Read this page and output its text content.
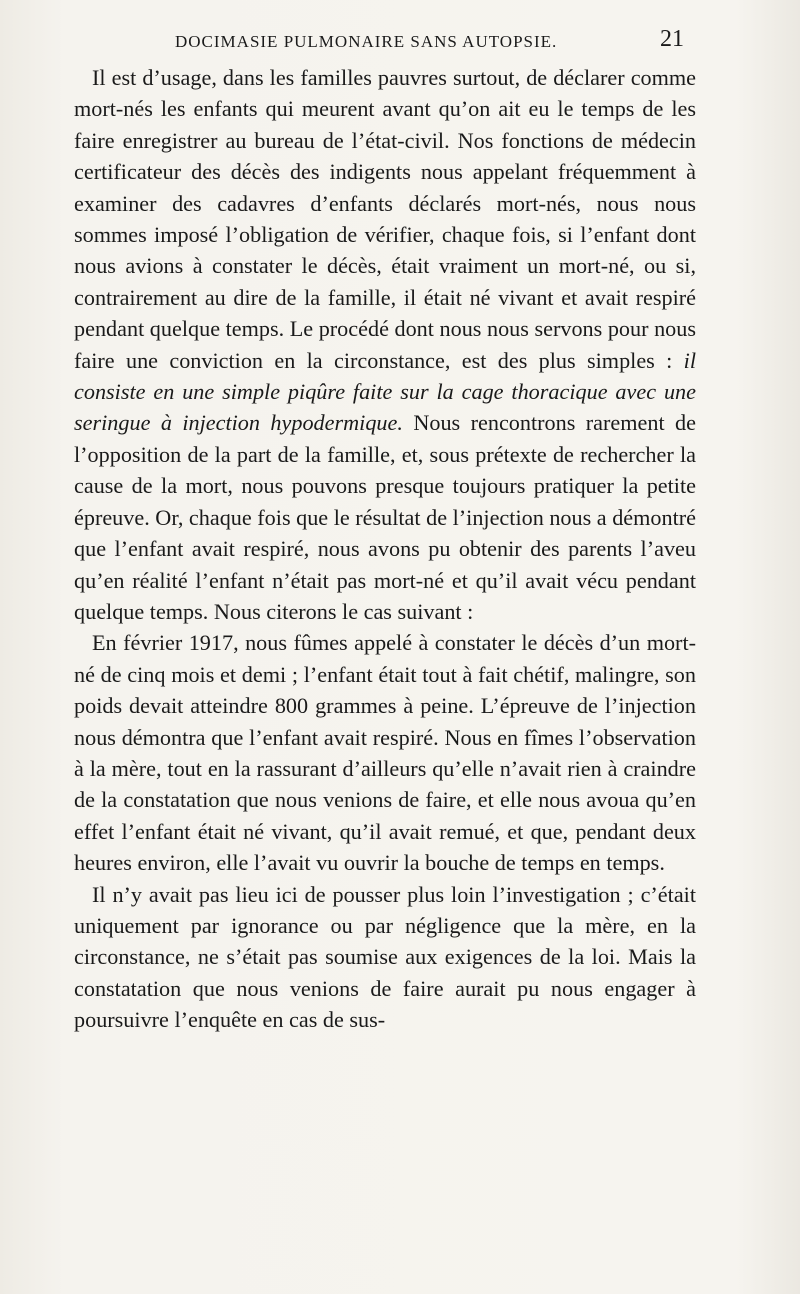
DOCIMASIE PULMONAIRE SANS AUTOPSIE.	21

Il est d’usage, dans les familles pauvres surtout, de déclarer comme mort-nés les enfants qui meurent avant qu’on ait eu le temps de les faire enregistrer au bureau de l’état-civil. Nos fonctions de médecin certificateur des décès des indigents nous appelant fréquemment à examiner des cadavres d’enfants déclarés mort-nés, nous nous sommes imposé l’obligation de vérifier, chaque fois, si l’enfant dont nous avions à constater le décès, était vraiment un mort-né, ou si, contrairement au dire de la famille, il était né vivant et avait respiré pendant quelque temps. Le procédé dont nous nous servons pour nous faire une conviction en la circonstance, est des plus simples : il consiste en une simple piqûre faite sur la cage thoracique avec une seringue à injection hypodermique. Nous rencontrons rarement de l’opposition de la part de la famille, et, sous prétexte de rechercher la cause de la mort, nous pouvons presque toujours pratiquer la petite épreuve. Or, chaque fois que le résultat de l’injection nous a démontré que l’enfant avait respiré, nous avons pu obtenir des parents l’aveu qu’en réalité l’enfant n’était pas mort-né et qu’il avait vécu pendant quelque temps. Nous citerons le cas suivant :

En février 1917, nous fûmes appelé à constater le décès d’un mort-né de cinq mois et demi ; l’enfant était tout à fait chétif, malingre, son poids devait atteindre 800 grammes à peine. L’épreuve de l’injection nous démontra que l’enfant avait respiré. Nous en fîmes l’observation à la mère, tout en la rassurant d’ailleurs qu’elle n’avait rien à craindre de la constatation que nous venions de faire, et elle nous avoua qu’en effet l’enfant était né vivant, qu’il avait remué, et que, pendant deux heures environ, elle l’avait vu ouvrir la bouche de temps en temps.

Il n’y avait pas lieu ici de pousser plus loin l’investigation ; c’était uniquement par ignorance ou par négligence que la mère, en la circonstance, ne s’était pas soumise aux exigences de la loi. Mais la constatation que nous venions de faire aurait pu nous engager à poursuivre l’enquête en cas de sus-
